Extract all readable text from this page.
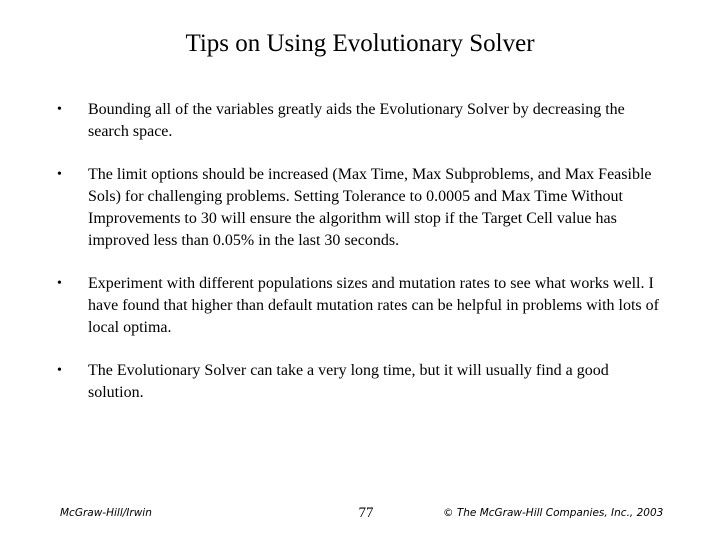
Tips on Using Evolutionary Solver
• Bounding all of the variables greatly aids the Evolutionary Solver by decreasing the search space.
• The limit options should be increased (Max Time, Max Subproblems, and Max Feasible Sols) for challenging problems. Setting Tolerance to 0.0005 and Max Time Without Improvements to 30 will ensure the algorithm will stop if the Target Cell value has improved less than 0.05% in the last 30 seconds.
• Experiment with different populations sizes and mutation rates to see what works well. I have found that higher than default mutation rates can be helpful in problems with lots of local optima.
• The Evolutionary Solver can take a very long time, but it will usually find a good solution.
McGraw-Hill/Irwin	77	© The McGraw-Hill Companies, Inc., 2003
